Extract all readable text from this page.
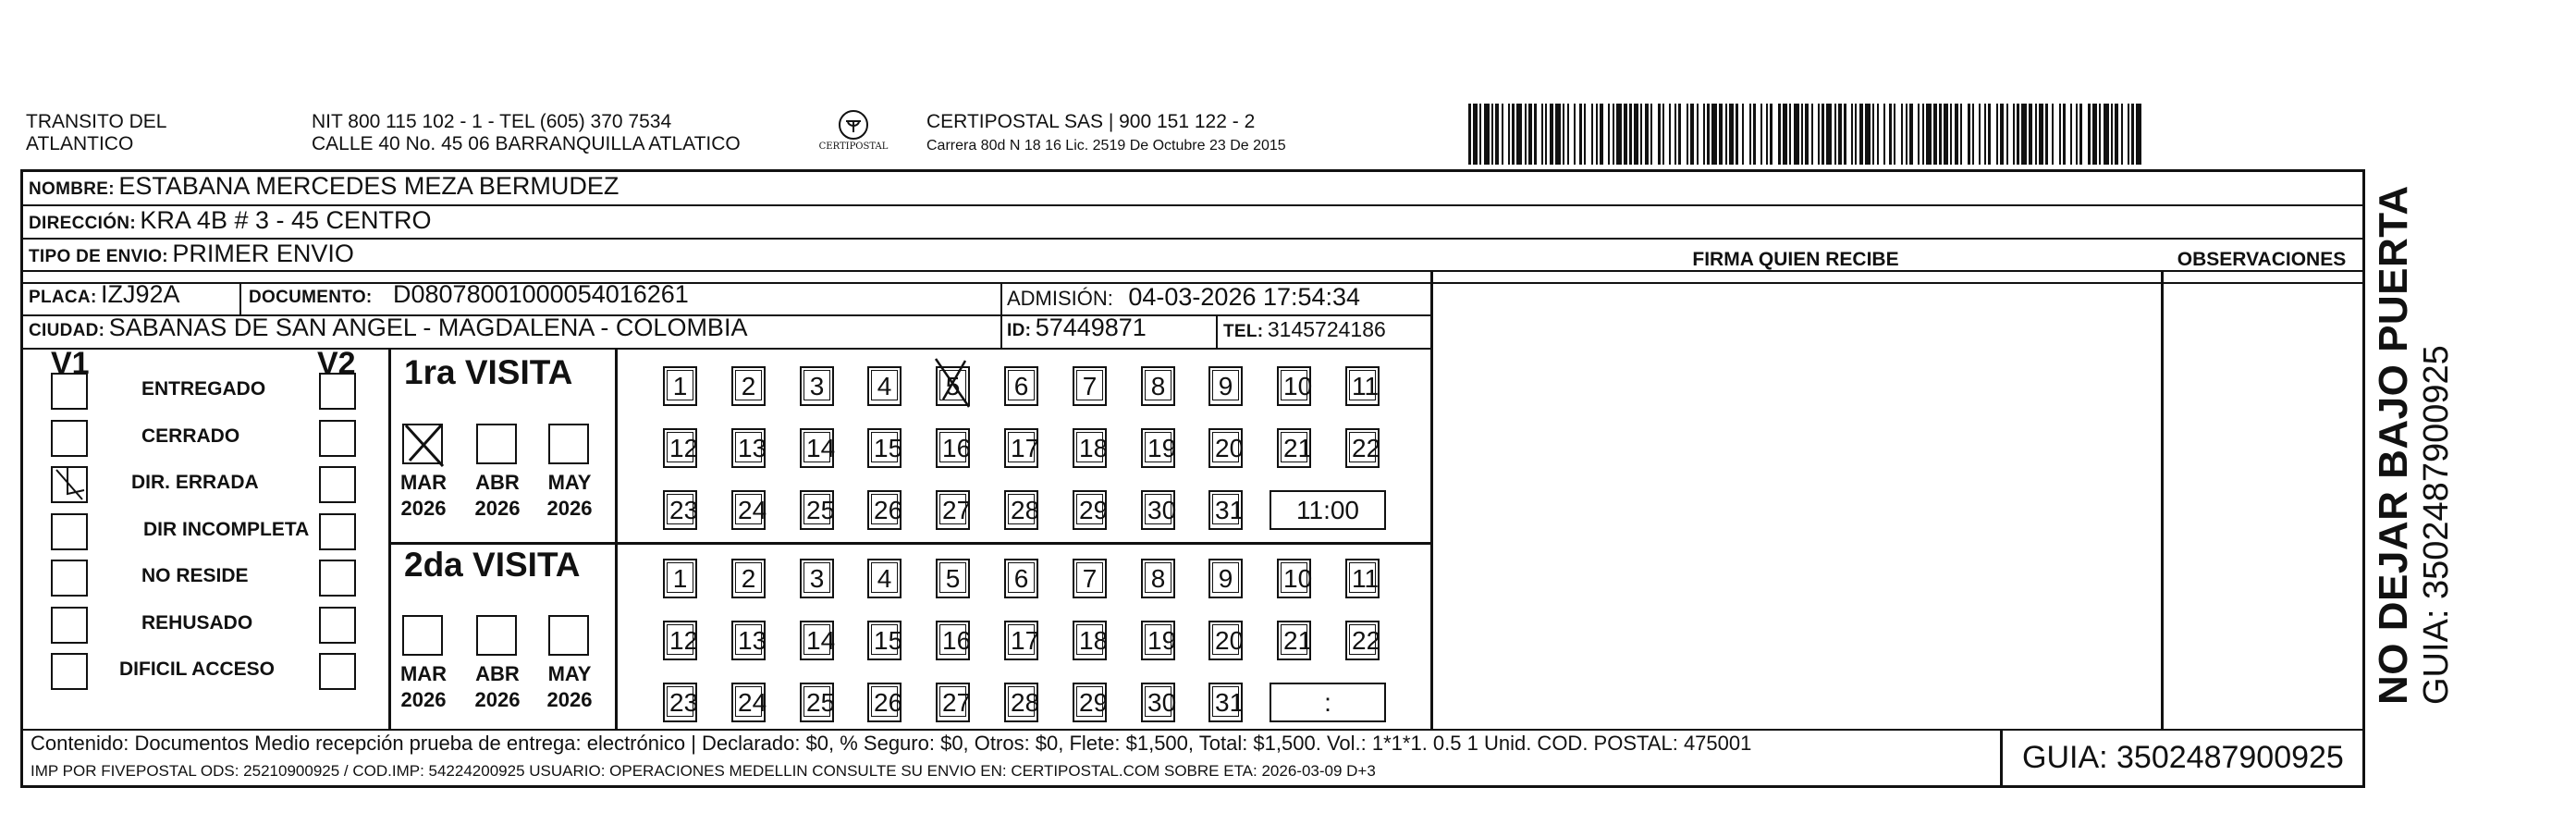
TRANSITO DEL
ATLANTICO
NIT 800 115 102 - 1 - TEL (605) 370 7534
CALLE 40 No. 45 06 BARRANQUILLA ATLATICO	CERTIPOSTAL
CERTIPOSTAL SAS | 900 151 122 - 2
Carrera 80d N 18 16 Lic. 2519 De Octubre 23 De 2015
NOMBRE: ESTABANA MERCEDES MEZA BERMUDEZ
DIRECCIÓN: KRA 4B # 3 - 45 CENTRO
TIPO DE ENVIO: PRIMER ENVIO	FIRMA QUIEN RECIBE	OBSERVACIONES
PLACA: IZJ92A	DOCUMENTO: D08078001000054016261	ADMISIÓN: 04-03-2026 17:54:34
CIUDAD: SABANAS DE SAN ANGEL - MAGDALENA - COLOMBIA	ID: 57449871	TEL: 3145724186
V1	V2
ENTREGADO
CERRADO
DIR. ERRADA
DIR INCOMPLETA
NO RESIDE
REHUSADO
DIFICIL ACCESO
1ra VISITA
MAR
2026
ABR
2026
MAY
2026
1 2 3 4 5 6 7 8 9 10 11
12 13 14 15 16 17 18 19 20 21 22
23 24 25 26 27 28 29 30 31	11:00
2da VISITA
MAR
2026
ABR
2026
MAY
2026
1 2 3 4 5 6 7 8 9 10 11
12 13 14 15 16 17 18 19 20 21 22
23 24 25 26 27 28 29 30 31	:
Contenido: Documentos Medio recepción prueba de entrega: electrónico | Declarado: $0, % Seguro: $0, Otros: $0, Flete: $1,500, Total: $1,500. Vol.: 1*1*1. 0.5 1 Unid. COD. POSTAL: 475001
IMP POR FIVEPOSTAL ODS: 25210900925 / COD.IMP: 54224200925 USUARIO: OPERACIONES MEDELLIN CONSULTE SU ENVIO EN: CERTIPOSTAL.COM SOBRE ETA: 2026-03-09 D+3	GUIA: 3502487900925
NO DEJAR BAJO PUERTA GUIA: 3502487900925
